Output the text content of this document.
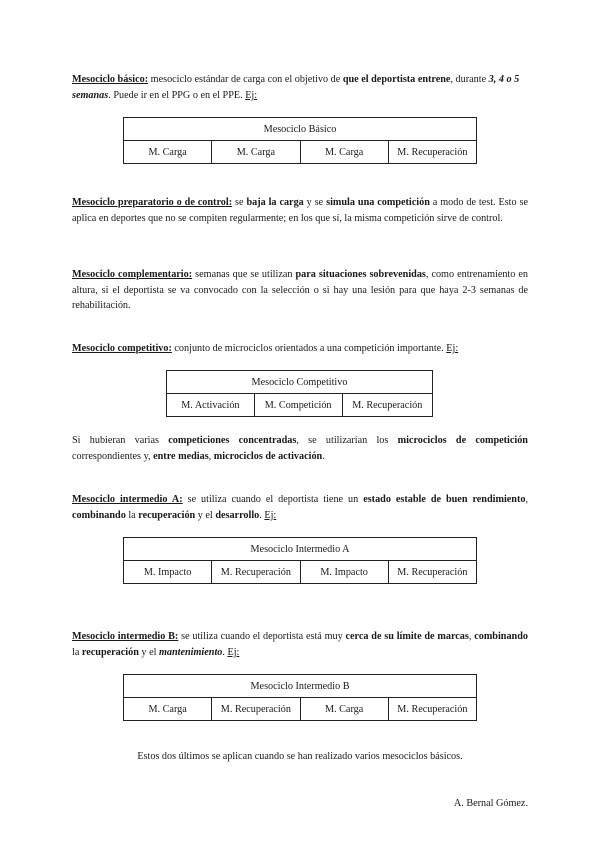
Mesociclo básico: mesociclo estándar de carga con el objetivo de que el deportista entrene, durante 3, 4 o 5 semanas. Puede ir en el PPG o en el PPE. Ej:
Mesociclo Básico
M. Carga	M. Carga	M. Carga	M. Recuperación
Mesociclo preparatorio o de control: se baja la carga y se simula una competición a modo de test. Esto se aplica en deportes que no se compiten regularmente; en los que sí, la misma competición sirve de control.
Mesociclo complementario: semanas que se utilizan para situaciones sobrevenidas, como entrenamiento en altura, si el deportista se va convocado con la selección o si hay una lesión para que haya 2-3 semanas de rehabilitación.
Mesociclo competitivo: conjunto de microciclos orientados a una competición importante. Ej:
Mesociclo Competitivo
M. Activación	M. Competición	M. Recuperación
Si hubieran varias competiciones concentradas, se utilizarían los microciclos de competición correspondientes y, entre medias, microciclos de activación.
Mesociclo intermedio A: se utiliza cuando el deportista tiene un estado estable de buen rendimiento, combinando la recuperación y el desarrollo. Ej:
Mesociclo Intermedio A
M. Impacto	M. Recuperación	M. Impacto	M. Recuperación
Mesociclo intermedio B: se utiliza cuando el deportista está muy cerca de su límite de marcas, combinando la recuperación y el mantenimiento. Ej:
Mesociclo Intermedio B
M. Carga	M. Recuperación	M. Carga	M. Recuperación
Estos dos últimos se aplican cuando se han realizado varios mesociclos básicos.
A. Bernal Gómez.
